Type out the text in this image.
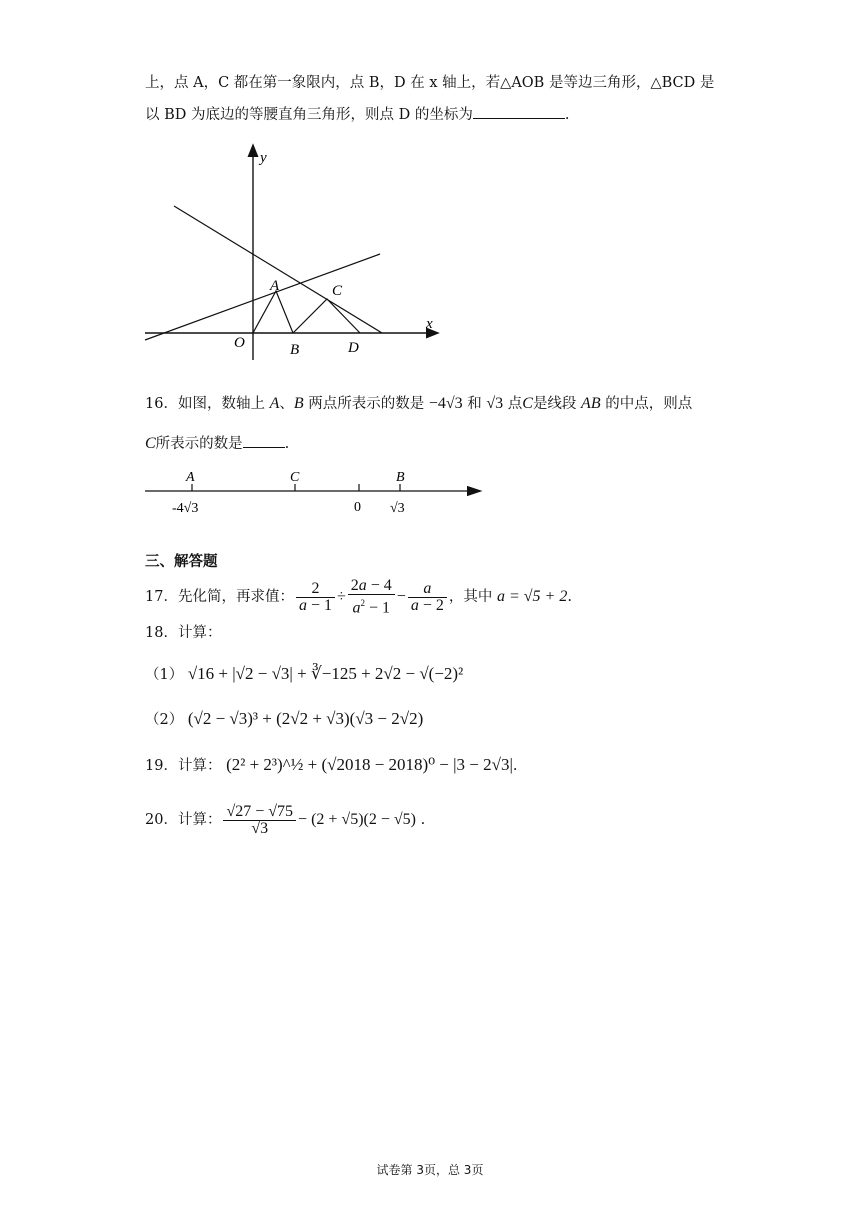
上，点 A，C 都在第一象限内，点 B，D 在 x 轴上，若△AOB 是等边三角形，△BCD 是
以 BD 为底边的等腰直角三角形，则点 D 的坐标为	.
y
x
O
A
B
C
D
16．如图，数轴上 A、B 两点所表示的数是 −4√3 和 √3 点C是线段 AB 的中点，则点
C所表示的数是	.
A	C	B
-4√3	0 √3
三、解答题
17．先化简，再求值： $\frac{2}{a - 1} \div \frac{2a - 4}{a^2 - 1} - \frac{a}{a - 2}$ ，其中 a = √5 + 2.
18．计算：
（1） √16 + |√2 − √3| + ∛−125 + 2√2 − √(−2)²
（2） (√2 − √3)³ + (2√2 + √3)(√3 − 2√2)
19．计算： (2² + 2³)^½ + (√2018 − 2018)⁰ − |3 − 2√3|.
20．计算： $\frac{√27 - √75}{√3} - (2 + √5)(2 - √5)$ .
试卷第 3页，总 3页
